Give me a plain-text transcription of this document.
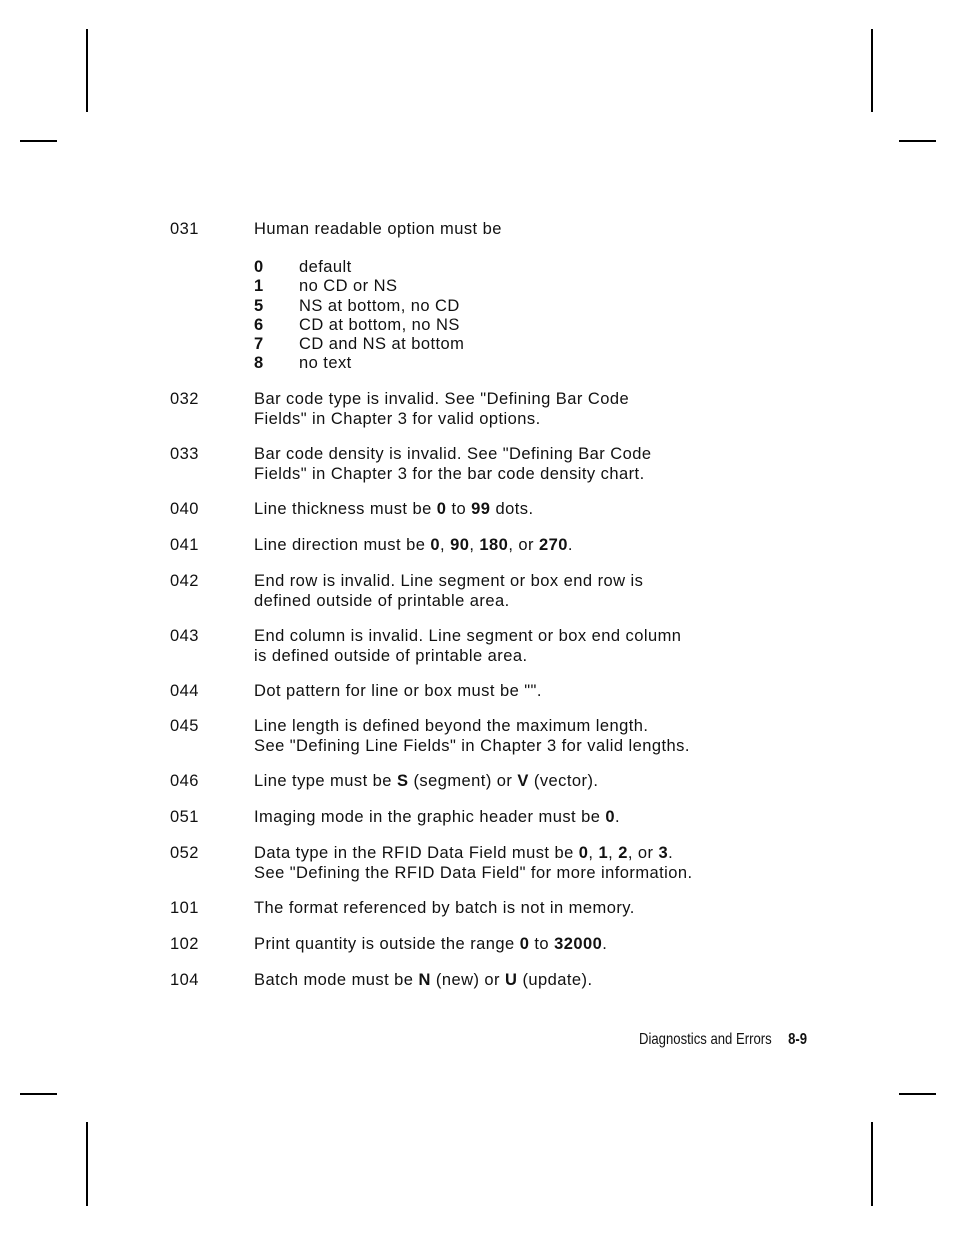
031	Human readable option must be
0 default
1 no CD or NS
5 NS at bottom, no CD
6 CD at bottom, no NS
7 CD and NS at bottom
8 no text
032	Bar code type is invalid. See "Defining Bar Code
Fields" in Chapter 3 for valid options.
033	Bar code density is invalid. See "Defining Bar Code
Fields" in Chapter 3 for the bar code density chart.
040	Line thickness must be 0 to 99 dots.
041	Line direction must be 0, 90, 180, or 270.
042	End row is invalid. Line segment or box end row is
defined outside of printable area.
043	End column is invalid. Line segment or box end column
is defined outside of printable area.
044	Dot pattern for line or box must be "".
045	Line length is defined beyond the maximum length.
See "Defining Line Fields" in Chapter 3 for valid lengths.
046	Line type must be S (segment) or V (vector).
051	Imaging mode in the graphic header must be 0.
052	Data type in the RFID Data Field must be 0, 1, 2, or 3.
See "Defining the RFID Data Field" for more information.
101	The format referenced by batch is not in memory.
102	Print quantity is outside the range 0 to 32000.
104	Batch mode must be N (new) or U (update).
Diagnostics and Errors 8-9
